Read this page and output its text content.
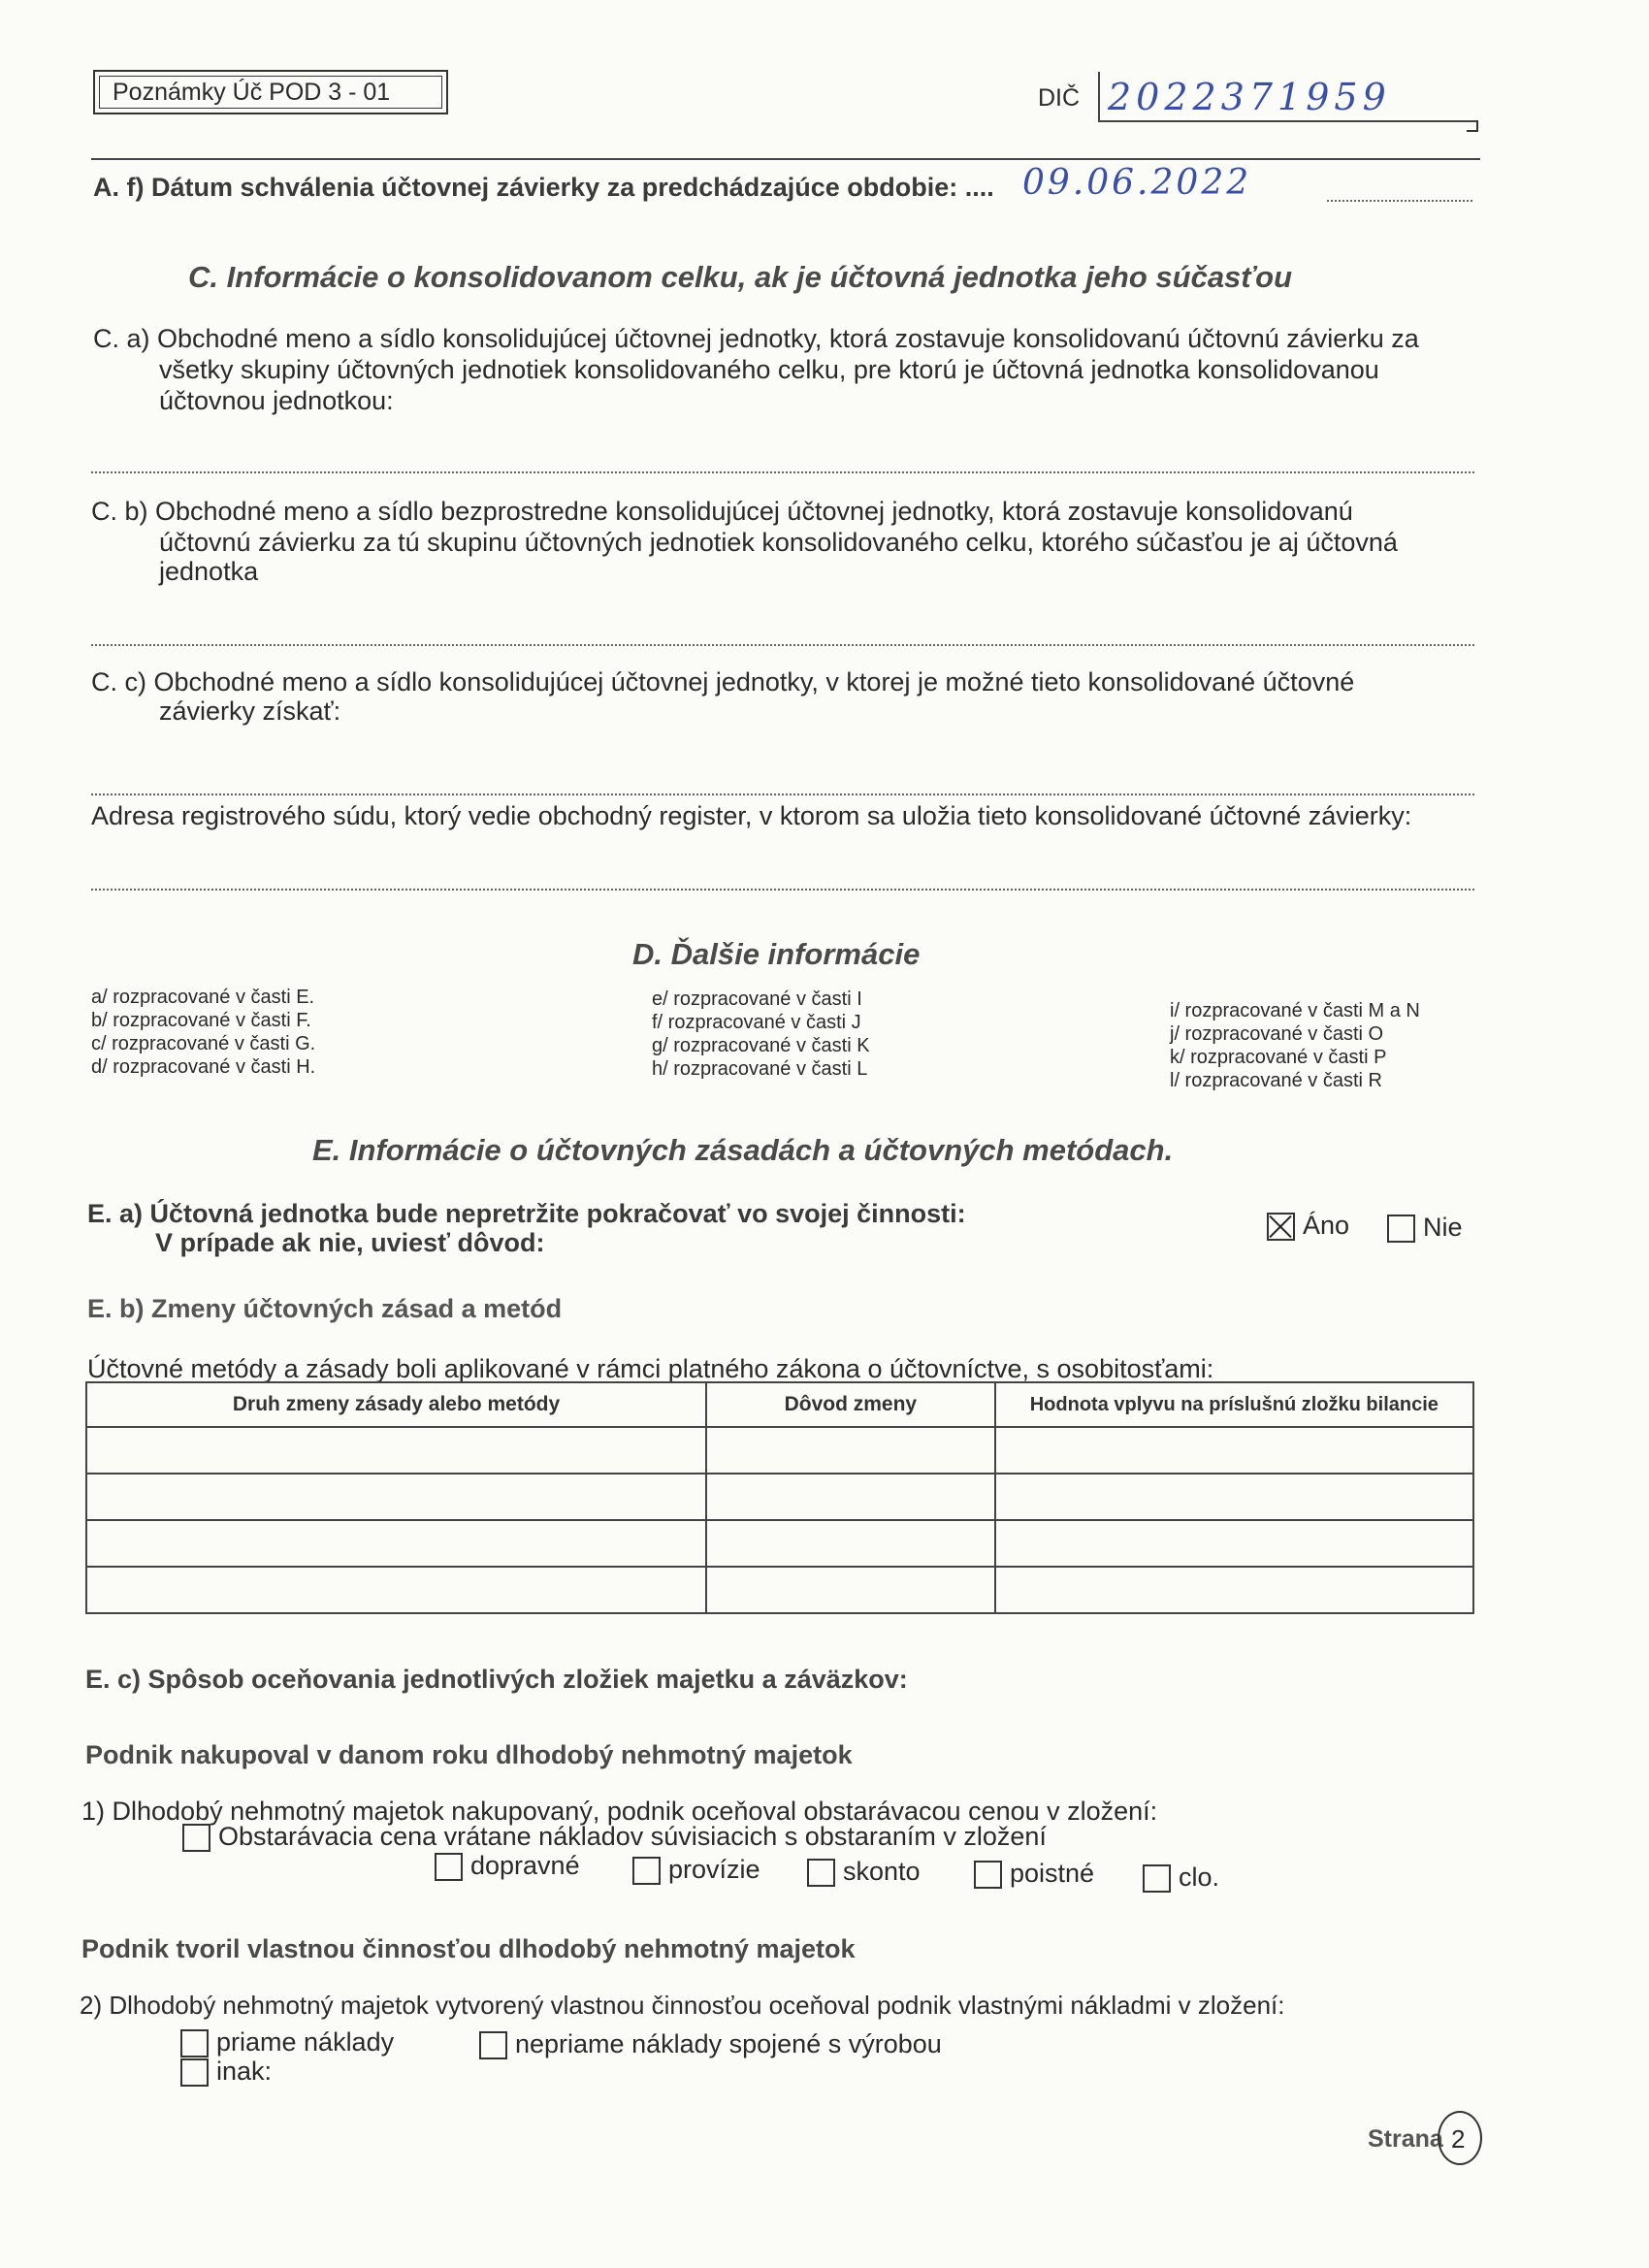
Poznámky Úč POD 3 - 01	DIČ 2022371959
A. f) Dátum schválenia účtovnej závierky za predchádzajúce obdobie: .... 09.06.2022
C. Informácie o konsolidovanom celku, ak je účtovná jednotka jeho súčasťou
C. a) Obchodné meno a sídlo konsolidujúcej účtovnej jednotky, ktorá zostavuje konsolidovanú účtovnú závierku za
všetky skupiny účtovných jednotiek konsolidovaného celku, pre ktorú je účtovná jednotka konsolidovanou
účtovnou jednotkou:
C. b) Obchodné meno a sídlo bezprostredne konsolidujúcej účtovnej jednotky, ktorá zostavuje konsolidovanú
účtovnú závierku za tú skupinu účtovných jednotiek konsolidovaného celku, ktorého súčasťou je aj účtovná
jednotka
C. c) Obchodné meno a sídlo konsolidujúcej účtovnej jednotky, v ktorej je možné tieto konsolidované účtovné
závierky získať:
Adresa registrového súdu, ktorý vedie obchodný register, v ktorom sa uložia tieto konsolidované účtovné závierky:
D. Ďalšie informácie
a/ rozpracované v časti E.
b/ rozpracované v časti F.
c/ rozpracované v časti G.
d/ rozpracované v časti H.
e/ rozpracované v časti I
f/ rozpracované v časti J
g/ rozpracované v časti K
h/ rozpracované v časti L
i/ rozpracované v časti M a N
j/ rozpracované v časti O
k/ rozpracované v časti P
l/ rozpracované v časti R
E. Informácie o účtovných zásadách a účtovných metódach.
E. a) Účtovná jednotka bude nepretržite pokračovať vo svojej činnosti:
V prípade ak nie, uviesť dôvod:
Áno	Nie
E. b) Zmeny účtovných zásad a metód
Účtovné metódy a zásady boli aplikované v rámci platného zákona o účtovníctve, s osobitosťami:
Druh zmeny zásady alebo metódy	Dôvod zmeny	Hodnota vplyvu na príslušnú zložku bilancie

E. c) Spôsob oceňovania jednotlivých zložiek majetku a záväzkov:
Podnik nakupoval v danom roku dlhodobý nehmotný majetok
1) Dlhodobý nehmotný majetok nakupovaný, podnik oceňoval obstarávacou cenou v zložení:
Obstarávacia cena vrátane nákladov súvisiacich s obstaraním v zložení
dopravné	provízie	skonto	poistné	clo.
Podnik tvoril vlastnou činnosťou dlhodobý nehmotný majetok
2) Dlhodobý nehmotný majetok vytvorený vlastnou činnosťou oceňoval podnik vlastnými nákladmi v zložení:
priame náklady	nepriame náklady spojené s výrobou
inak:
Strana 2
